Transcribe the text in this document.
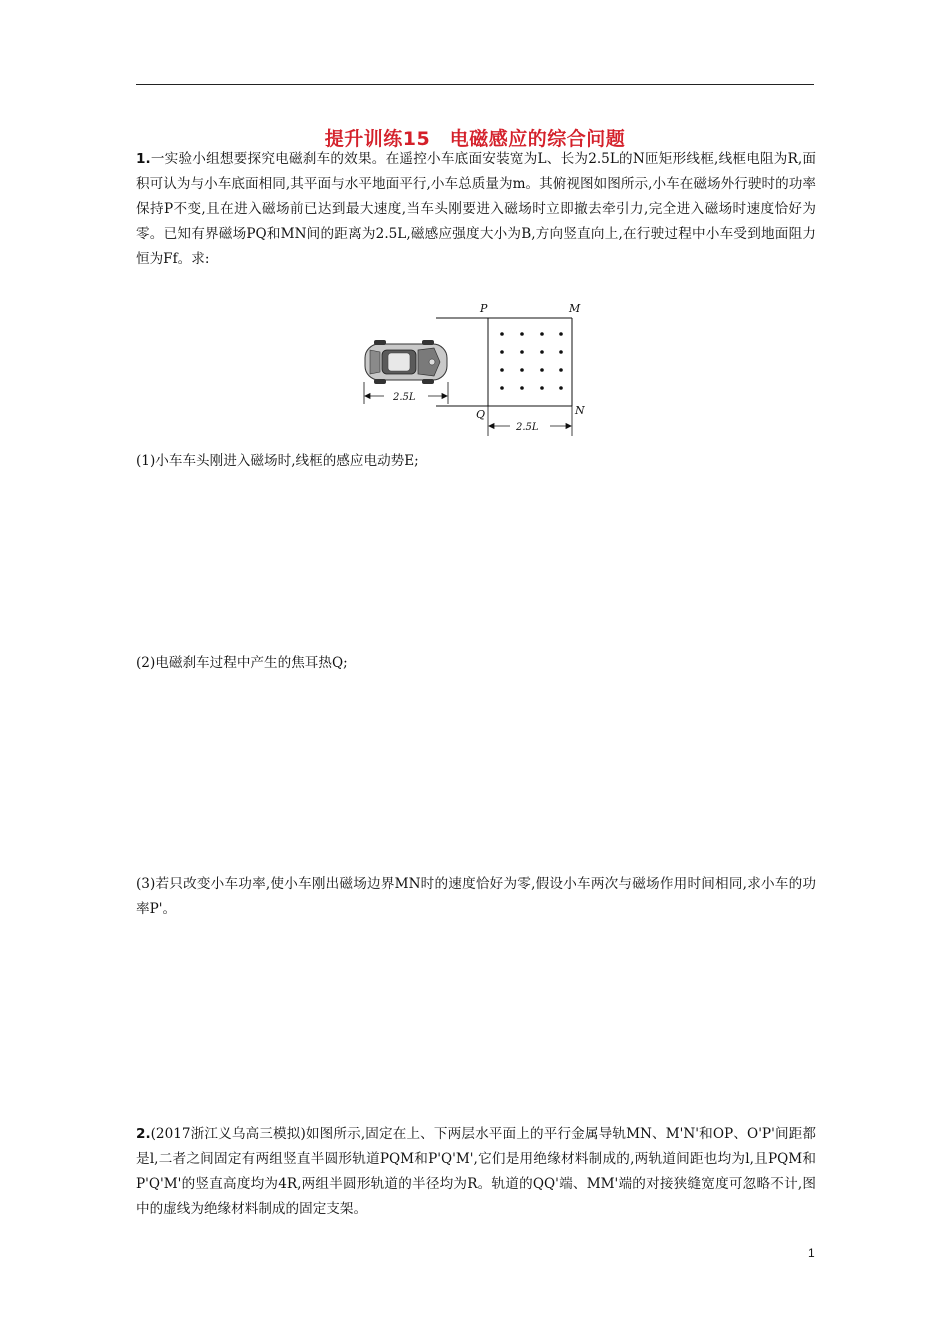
提升训练15　电磁感应的综合问题
1.一实验小组想要探究电磁刹车的效果。在遥控小车底面安装宽为L、长为2.5L的N匝矩形线框,线框电阻为R,面积可认为与小车底面相同,其平面与水平地面平行,小车总质量为m。其俯视图如图所示,小车在磁场外行驶时的功率保持P不变,且在进入磁场前已达到最大速度,当车头刚要进入磁场时立即撤去牵引力,完全进入磁场时速度恰好为零。已知有界磁场PQ和MN间的距离为2.5L,磁感应强度大小为B,方向竖直向上,在行驶过程中小车受到地面阻力恒为Ff。求:
P	M
Q	N
2.5L
2.5L
(1)小车车头刚进入磁场时,线框的感应电动势E;
(2)电磁刹车过程中产生的焦耳热Q;
(3)若只改变小车功率,使小车刚出磁场边界MN时的速度恰好为零,假设小车两次与磁场作用时间相同,求小车的功率P'。
2.(2017浙江义乌高三模拟)如图所示,固定在上、下两层水平面上的平行金属导轨MN、M'N'和OP、O'P'间距都是l,二者之间固定有两组竖直半圆形轨道PQM和P'Q'M',它们是用绝缘材料制成的,两轨道间距也均为l,且PQM和P'Q'M'的竖直高度均为4R,两组半圆形轨道的半径均为R。轨道的QQ'端、MM'端的对接狭缝宽度可忽略不计,图中的虚线为绝缘材料制成的固定支架。
1
